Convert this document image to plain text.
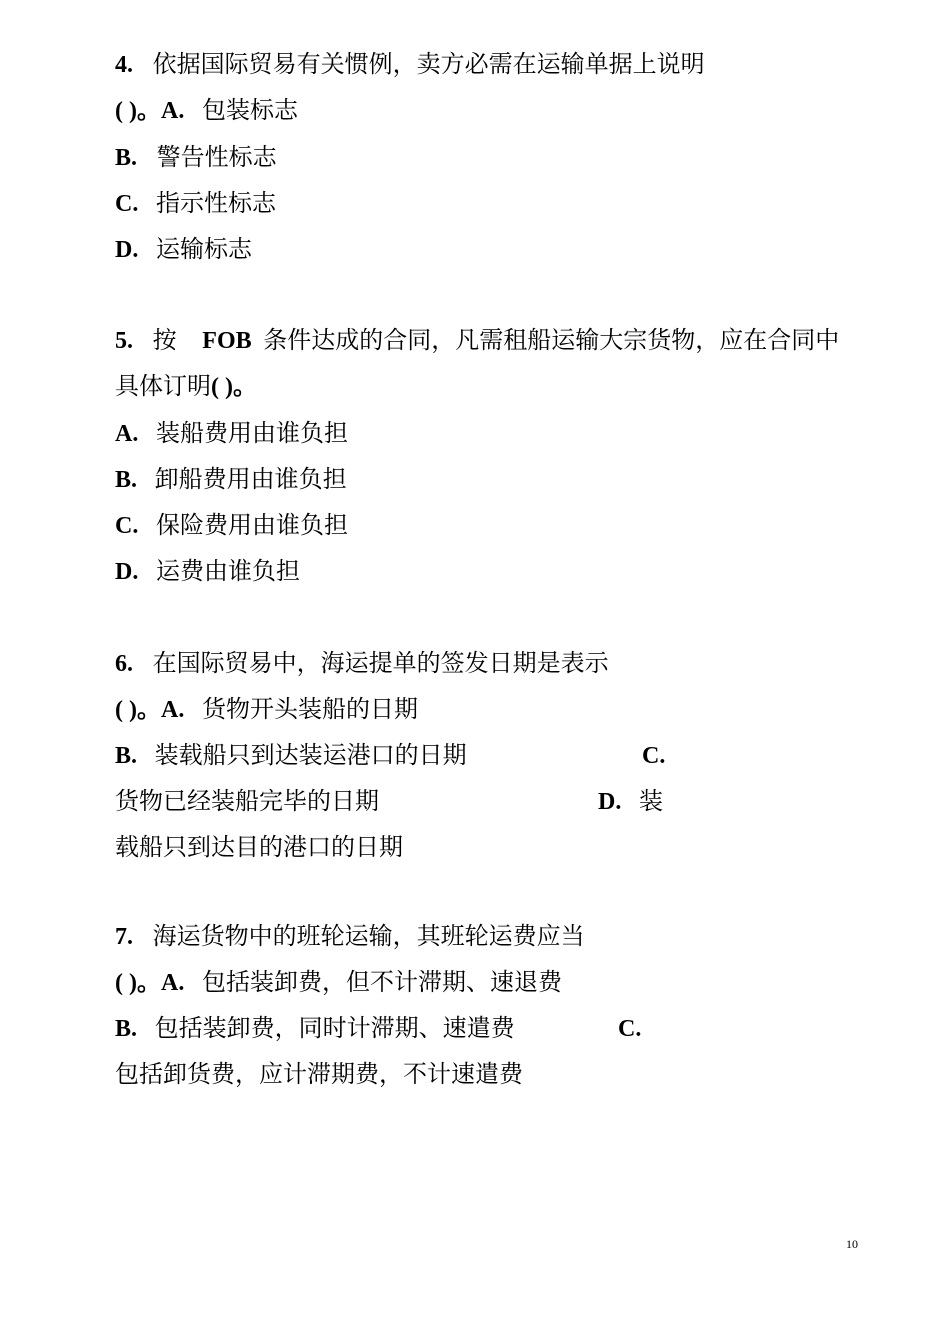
4. 依据国际贸易有关惯例，卖方必需在运输单据上说明
( )。A. 包装标志
B. 警告性标志
C. 指示性标志
D. 运输标志
5. 按 FOB 条件达成的合同，凡需租船运输大宗货物，应在合同中
具体订明( )。
A. 装船费用由谁负担
B. 卸船费用由谁负担
C. 保险费用由谁负担
D. 运费由谁负担
6. 在国际贸易中，海运提单的签发日期是表示
( )。A. 货物开头装船的日期
B. 装载船只到达装运港口的日期	C.
货物已经装船完毕的日期	D. 装
载船只到达目的港口的日期
7. 海运货物中的班轮运输，其班轮运费应当
( )。A. 包括装卸费，但不计滞期、速退费
B. 包括装卸费，同时计滞期、速遣费	C.
包括卸货费，应计滞期费，不计速遣费
10
